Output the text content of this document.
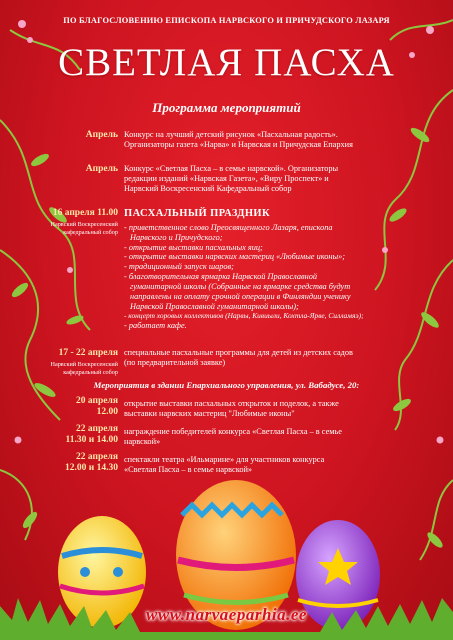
ПО БЛАГОСЛОВЕНИЮ ЕПИСКОПА НАРВСКОГО И ПРИЧУДСКОГО ЛАЗАРЯ
СВЕТЛАЯ ПАСХА
Программа мероприятий
Апрель Конкурс на лучший детский рисунок «Пасхальная радость».
Организаторы газета «Нарва» и Нарвская и Причудская Епархия
Апрель Конкурс «Светлая Пасха – в семье нарвской». Организаторы
редакции изданий «Нарвская Газета», «Виру Проспект» и
Нарвский Воскресенский Кафедральный собор
16 апреля 11.00
Нарвский Воскресенский
кафедральный собор
ПАСХАЛЬНЫЙ ПРАЗДНИК
- приветственное слово Преосвященного Лазаря, епископа
Нарвского и Причудского;
- открытие выставки пасхальных яиц;
- открытие выставки нарвских мастериц «Любимые иконы»;
- традиционный запуск шаров;
- благотворительная ярмарка Нарвской Православной
гуманитарной школы (Собранные на ярмарке средства будут
направлены на оплату срочной операции в Финляндии ученику
Нарвской Православной гуманитарной школы);
- концерт хоровых коллективов (Нарвы, Кивиыли, Кохтла-Ярве, Силламяэ);
- работает кафе.
17 - 22 апреля
Нарвский Воскресенский
кафедральный собор
специальные пасхальные программы для детей из детских садов
(по предварительной заявке)
Мероприятия в здании Епархиального управления, ул. Вабадусе, 20:
20 апреля
12.00
открытие выставки пасхальных открыток и поделок, а также
выставки нарвских мастериц "Любимые иконы"
22 апреля
11.30 и 14.00
награждение победителей конкурса «Светлая Пасха – в семье
нарвской»
22 апреля
12.00 и 14.30
спектакли театра «Ильмарине» для участников конкурса
«Светлая Пасха – в семье нарвской»
www.narvaeparhia.ee
